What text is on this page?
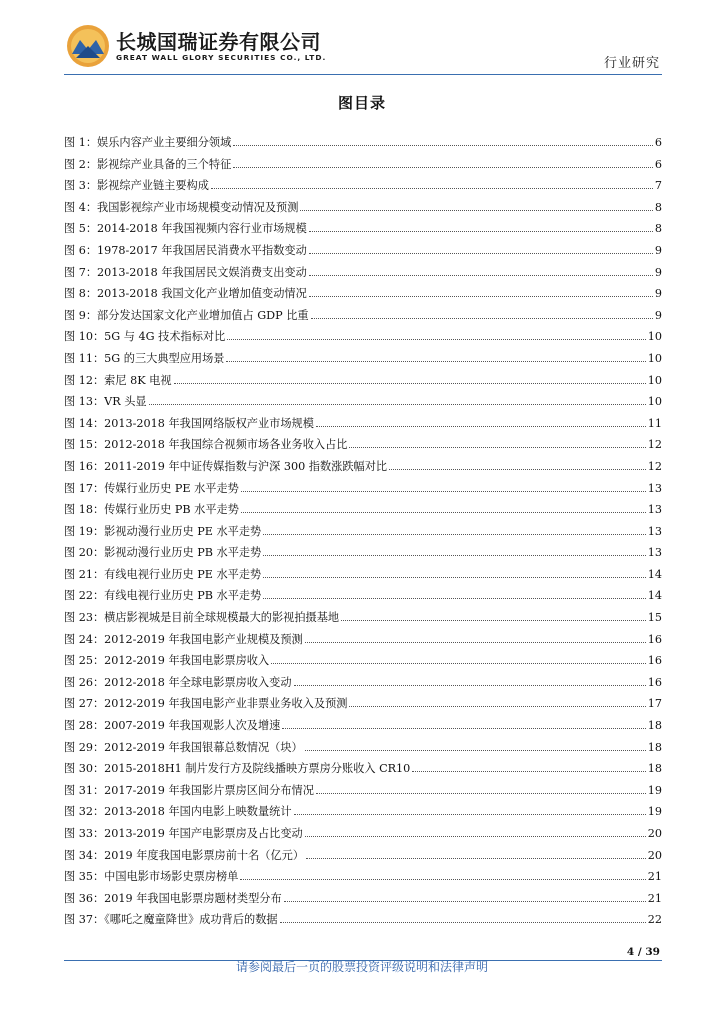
长城国瑞证券有限公司
GREAT WALL GLORY SECURITIES CO., LTD.	行业研究
图目录
图 1：娱乐内容产业主要细分领域	6
图 2：影视综产业具备的三个特征	6
图 3：影视综产业链主要构成	7
图 4：我国影视综产业市场规模变动情况及预测	8
图 5：2014-2018 年我国视频内容行业市场规模	8
图 6：1978-2017 年我国居民消费水平指数变动	9
图 7：2013-2018 年我国居民文娱消费支出变动	9
图 8：2013-2018 我国文化产业增加值变动情况	9
图 9：部分发达国家文化产业增加值占 GDP 比重	9
图 10：5G 与 4G 技术指标对比	10
图 11：5G 的三大典型应用场景	10
图 12：索尼 8K 电视	10
图 13：VR 头显	10
图 14：2013-2018 年我国网络版权产业市场规模	11
图 15：2012-2018 年我国综合视频市场各业务收入占比	12
图 16：2011-2019 年中证传媒指数与沪深 300 指数涨跌幅对比	12
图 17：传媒行业历史 PE 水平走势	13
图 18：传媒行业历史 PB 水平走势	13
图 19：影视动漫行业历史 PE 水平走势	13
图 20：影视动漫行业历史 PB 水平走势	13
图 21：有线电视行业历史 PE 水平走势	14
图 22：有线电视行业历史 PB 水平走势	14
图 23：横店影视城是目前全球规模最大的影视拍摄基地	15
图 24：2012-2019 年我国电影产业规模及预测	16
图 25：2012-2019 年我国电影票房收入	16
图 26：2012-2018 年全球电影票房收入变动	16
图 27：2012-2019 年我国电影产业非票业务收入及预测	17
图 28：2007-2019 年我国观影人次及增速	18
图 29：2012-2019 年我国银幕总数情况（块）	18
图 30：2015-2018H1 制片发行方及院线播映方票房分账收入 CR10	18
图 31：2017-2019 年我国影片票房区间分布情况	19
图 32：2013-2018 年国内电影上映数量统计	19
图 33：2013-2019 年国产电影票房及占比变动	20
图 34：2019 年度我国电影票房前十名（亿元）	20
图 35：中国电影市场影史票房榜单	21
图 36：2019 年我国电影票房题材类型分布	21
图 37：《哪吒之魔童降世》成功背后的数据	22
4 / 39
请参阅最后一页的股票投资评级说明和法律声明
